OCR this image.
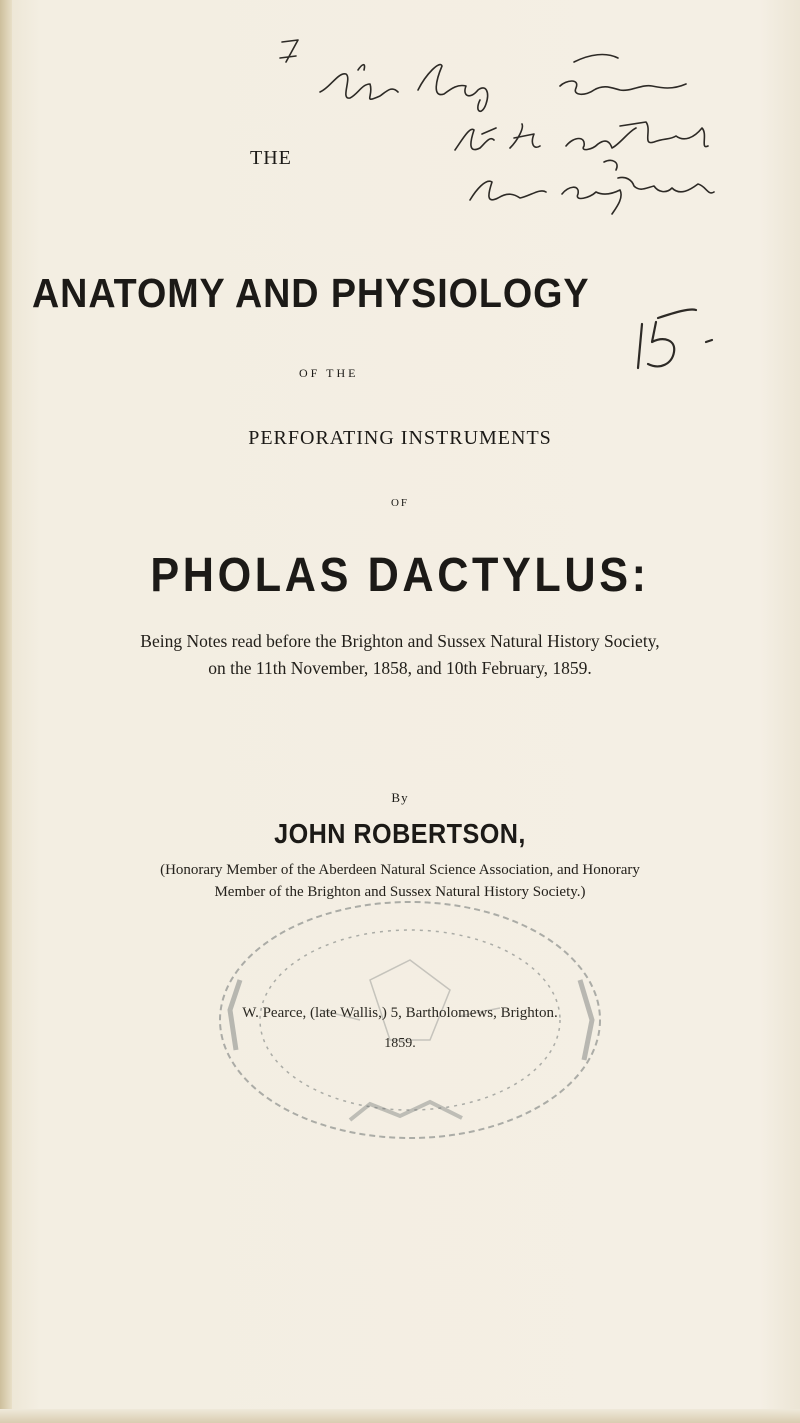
THE
ANATOMY AND PHYSIOLOGY
OF THE
PERFORATING INSTRUMENTS
OF
PHOLAS DACTYLUS:
Being Notes read before the Brighton and Sussex Natural History Society,
on the 11th November, 1858, and 10th February, 1859.
By
JOHN ROBERTSON,
(Honorary Member of the Aberdeen Natural Science Association, and Honorary
Member of the Brighton and Sussex Natural History Society.)
W. Pearce, (late Wallis,) 5, Bartholomews, Brighton.
1859.
